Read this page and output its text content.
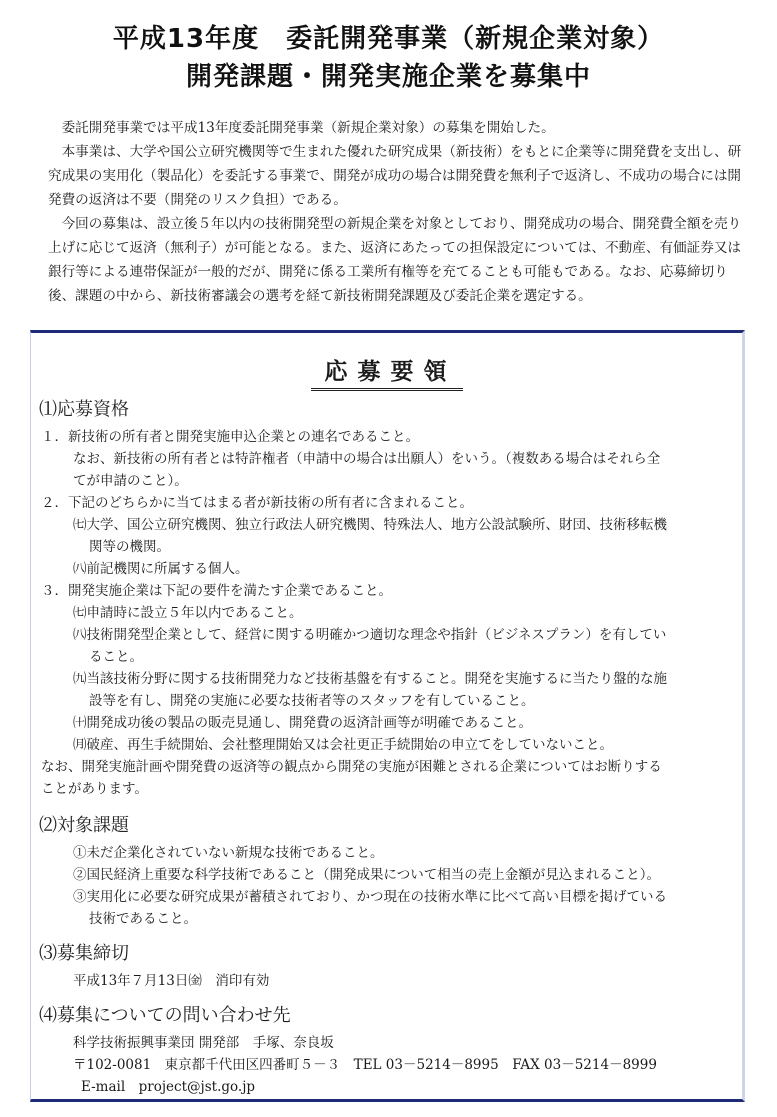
平成13年度　委託開発事業（新規企業対象）
開発課題・開発実施企業を募集中

委託開発事業では平成13年度委託開発事業（新規企業対象）の募集を開始した。

本事業は、大学や国公立研究機関等で生まれた優れた研究成果（新技術）をもとに企業等に開発費を支出し、研究成果の実用化（製品化）を委託する事業で、開発が成功の場合は開発費を無利子で返済し、不成功の場合には開発費の返済は不要（開発のリスク負担）である。

今回の募集は、設立後５年以内の技術開発型の新規企業を対象としており、開発成功の場合、開発費全額を売り上げに応じて返済（無利子）が可能となる。また、返済にあたっての担保設定については、不動産、有価証券又は銀行等による連帯保証が一般的だが、開発に係る工業所有権等を充てることも可能もである。なお、応募締切り後、課題の中から、新技術審議会の選考を経て新技術開発課題及び委託企業を選定する。

応募要領
⑴応募資格
１．新技術の所有者と開発実施申込企業との連名であること。
なお、新技術の所有者とは特許権者（申請中の場合は出願人）をいう。（複数ある場合はそれら全
てが申請のこと）。
２．下記のどちらかに当てはまる者が新技術の所有者に含まれること。
㈦大学、国公立研究機関、独立行政法人研究機関、特殊法人、地方公設試験所、財団、技術移転機
関等の機関。
㈧前記機関に所属する個人。
３．開発実施企業は下記の要件を満たす企業であること。
㈦申請時に設立５年以内であること。
㈧技術開発型企業として、経営に関する明確かつ適切な理念や指針（ビジネスプラン）を有してい
ること。
㈨当該技術分野に関する技術開発力など技術基盤を有すること。開発を実施するに当たり盤的な施
設等を有し、開発の実施に必要な技術者等のスタッフを有していること。
㈩開発成功後の製品の販売見通し、開発費の返済計画等が明確であること。
㈪破産、再生手続開始、会社整理開始又は会社更正手続開始の申立てをしていないこと。
なお、開発実施計画や開発費の返済等の観点から開発の実施が困難とされる企業についてはお断りする
ことがあります。
⑵対象課題
①未だ企業化されていない新規な技術であること。
②国民経済上重要な科学技術であること（開発成果について相当の売上金額が見込まれること）。
③実用化に必要な研究成果が蓄積されており、かつ現在の技術水準に比べて高い目標を掲げている
技術であること。
⑶募集締切
平成13年７月13日㈮　消印有効
⑷募集についての問い合わせ先
科学技術振興事業団 開発部　手塚、奈良坂
〒102-0081　東京都千代田区四番町５－３　TEL 03－5214－8995　FAX 03－5214－8999
E-mail　project@jst.go.jp
